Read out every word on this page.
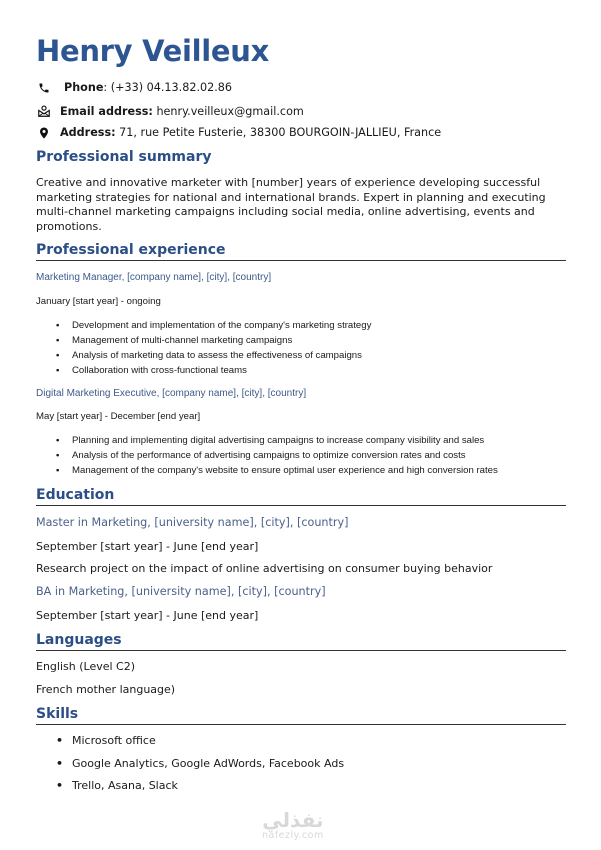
Henry Veilleux
Phone: (+33) 04.13.82.02.86
Email address: henry.veilleux@gmail.com
Address: 71, rue Petite Fusterie, 38300 BOURGOIN-JALLIEU, France
Professional summary

Creative and innovative marketer with [number] years of experience developing successful marketing strategies for national and international brands. Expert in planning and executing multi-channel marketing campaigns including social media, online advertising, events and promotions.

Professional experience
Marketing Manager, [company name], [city], [country]
January [start year] - ongoing
•	Development and implementation of the company's marketing strategy
•	Management of multi-channel marketing campaigns
•	Analysis of marketing data to assess the effectiveness of campaigns
•	Collaboration with cross-functional teams
Digital Marketing Executive, [company name], [city], [country]
May [start year] - December [end year]
•	Planning and implementing digital advertising campaigns to increase company visibility and sales
•	Analysis of the performance of advertising campaigns to optimize conversion rates and costs
•	Management of the company's website to ensure optimal user experience and high conversion rates
Education
Master in Marketing, [university name], [city], [country]
September [start year] - June [end year]
Research project on the impact of online advertising on consumer buying behavior
BA in Marketing, [university name], [city], [country]
September [start year] - June [end year]
Languages
English (Level C2)
French mother language)
Skills
• Microsoft office
• Google Analytics, Google AdWords, Facebook Ads
• Trello, Asana, Slack
نفذلي
nafezly.com
